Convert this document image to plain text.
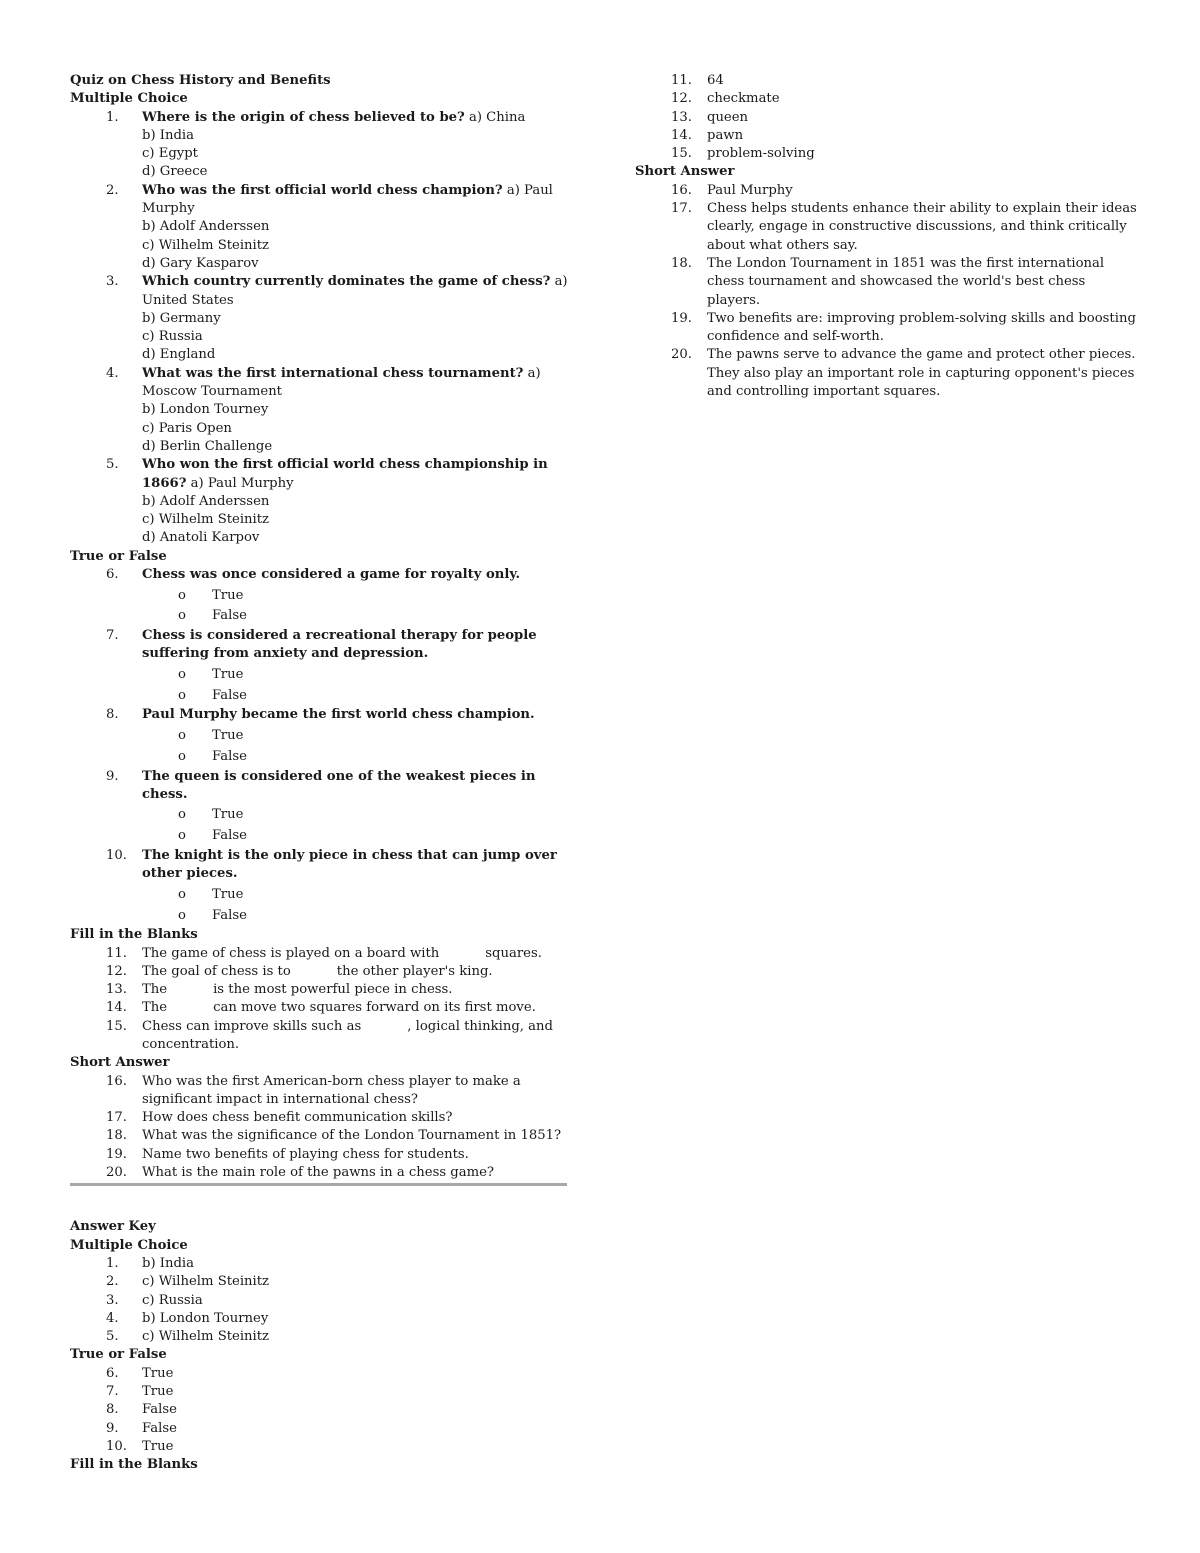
Quiz on Chess History and Benefits
Multiple Choice
1. Where is the origin of chess believed to be? a) China
b) India
c) Egypt
d) Greece
2. Who was the first official world chess champion? a) Paul Murphy
b) Adolf Anderssen
c) Wilhelm Steinitz
d) Gary Kasparov
3. Which country currently dominates the game of chess? a) United States
b) Germany
c) Russia
d) England
4. What was the first international chess tournament? a) Moscow Tournament
b) London Tourney
c) Paris Open
d) Berlin Challenge
5. Who won the first official world chess championship in 1866? a) Paul Murphy
b) Adolf Anderssen
c) Wilhelm Steinitz
d) Anatoli Karpov
True or False
6. Chess was once considered a game for royalty only.
o True
o False
7. Chess is considered a recreational therapy for people suffering from anxiety and depression.
o True
o False
8. Paul Murphy became the first world chess champion.
o True
o False
9. The queen is considered one of the weakest pieces in chess.
o True
o False
10. The knight is the only piece in chess that can jump over other pieces.
o True
o False
Fill in the Blanks
11. The game of chess is played on a board with	squares.
12. The goal of chess is to	the other player's king.
13. The	is the most powerful piece in chess.
14. The	can move two squares forward on its first move.
15. Chess can improve skills such as	, logical thinking, and concentration.
Short Answer
16. Who was the first American-born chess player to make a significant impact in international chess?
17. How does chess benefit communication skills?
18. What was the significance of the London Tournament in 1851?
19. Name two benefits of playing chess for students.
20. What is the main role of the pawns in a chess game?
Answer Key
Multiple Choice
1. b) India
2. c) Wilhelm Steinitz
3. c) Russia
4. b) London Tourney
5. c) Wilhelm Steinitz
True or False
6. True
7. True
8. False
9. False
10. True
Fill in the Blanks
11. 64
12. checkmate
13. queen
14. pawn
15. problem-solving
Short Answer
16. Paul Murphy
17. Chess helps students enhance their ability to explain their ideas clearly, engage in constructive discussions, and think critically about what others say.
18. The London Tournament in 1851 was the first international chess tournament and showcased the world's best chess players.
19. Two benefits are: improving problem-solving skills and boosting confidence and self-worth.
20. The pawns serve to advance the game and protect other pieces. They also play an important role in capturing opponent's pieces and controlling important squares.
